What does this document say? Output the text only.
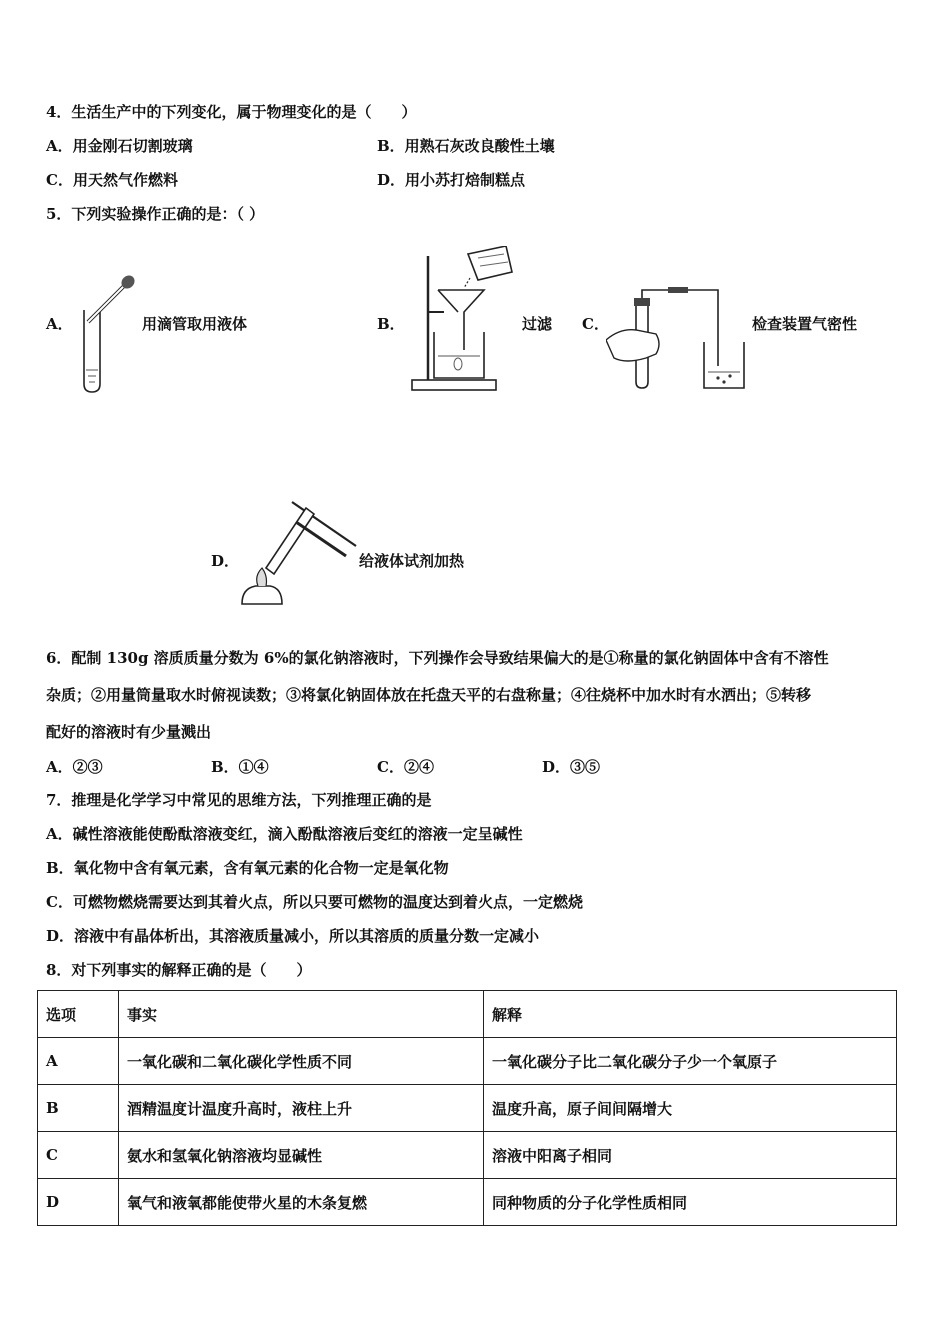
4．生活生产中的下列变化，属于物理变化的是（　　）
A．用金刚石切割玻璃	B．用熟石灰改良酸性土壤
C．用天然气作燃料	D．用小苏打焙制糕点
5．下列实验操作正确的是：（ ）
A．	用滴管取用液体	B．	过滤 C．	检查装置气密性
D．	给液体试剂加热
6．配制 130g 溶质质量分数为 6%的氯化钠溶液时，下列操作会导致结果偏大的是①称量的氯化钠固体中含有不溶性
杂质；②用量筒量取水时俯视读数；③将氯化钠固体放在托盘天平的右盘称量；④往烧杯中加水时有水洒出；⑤转移
配好的溶液时有少量溅出
A．②③	B．①④	C．②④	D．③⑤
7．推理是化学学习中常见的思维方法，下列推理正确的是
A．碱性溶液能使酚酞溶液变红，滴入酚酞溶液后变红的溶液一定呈碱性
B．氧化物中含有氧元素，含有氧元素的化合物一定是氧化物
C．可燃物燃烧需要达到其着火点，所以只要可燃物的温度达到着火点，一定燃烧
D．溶液中有晶体析出，其溶液质量减小，所以其溶质的质量分数一定减小
8．对下列事实的解释正确的是（　　）
选项	事实	解释
A	一氧化碳和二氧化碳化学性质不同	一氧化碳分子比二氧化碳分子少一个氧原子
B	酒精温度计温度升高时，液柱上升	温度升高，原子间间隔增大
C	氨水和氢氧化钠溶液均显碱性	溶液中阳离子相同
D	氧气和液氧都能使带火星的木条复燃	同种物质的分子化学性质相同
